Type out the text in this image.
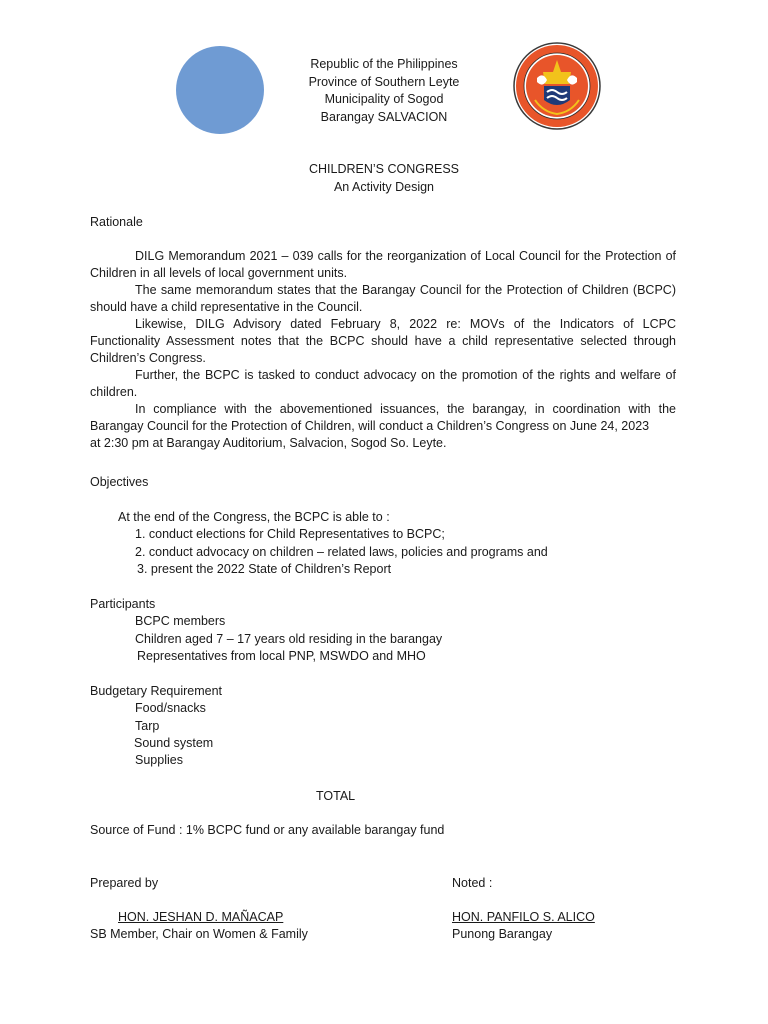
Republic of the Philippines
Province of Southern Leyte
Municipality of Sogod
Barangay SALVACION
CHILDREN’S CONGRESS
An Activity Design
Rationale
DILG Memorandum 2021 – 039 calls for the reorganization of Local Council for the Protection of Children in all levels of local government units.
The same memorandum states that the Barangay Council for the Protection of Children (BCPC) should have a child representative in the Council.
Likewise, DILG Advisory dated February 8, 2022 re: MOVs of the Indicators of LCPC Functionality Assessment notes that the BCPC should have a child representative selected through Children’s Congress.
Further, the BCPC is tasked to conduct advocacy on the promotion of the rights and welfare of children.
In compliance with the abovementioned issuances, the barangay, in coordination with the Barangay Council for the Protection of Children, will conduct a Children’s Congress on June 24, 2023
at 2:30 pm at Barangay Auditorium, Salvacion, Sogod So. Leyte.
Objectives
At the end of the Congress, the BCPC is able to :
1. conduct elections for Child Representatives to BCPC;
2. conduct advocacy on children – related laws, policies and programs and
3. present the 2022 State of Children’s Report
Participants
BCPC members
Children aged 7 – 17 years old residing in the barangay
Representatives from local PNP, MSWDO and MHO
Budgetary Requirement
Food/snacks
Tarp
Sound system
Supplies
TOTAL
Source of Fund : 1% BCPC fund or any available barangay fund
Prepared by
HON. JESHAN D. MAÑACAP
SB Member, Chair on Women & Family
Noted :
HON. PANFILO S. ALICO
Punong Barangay
